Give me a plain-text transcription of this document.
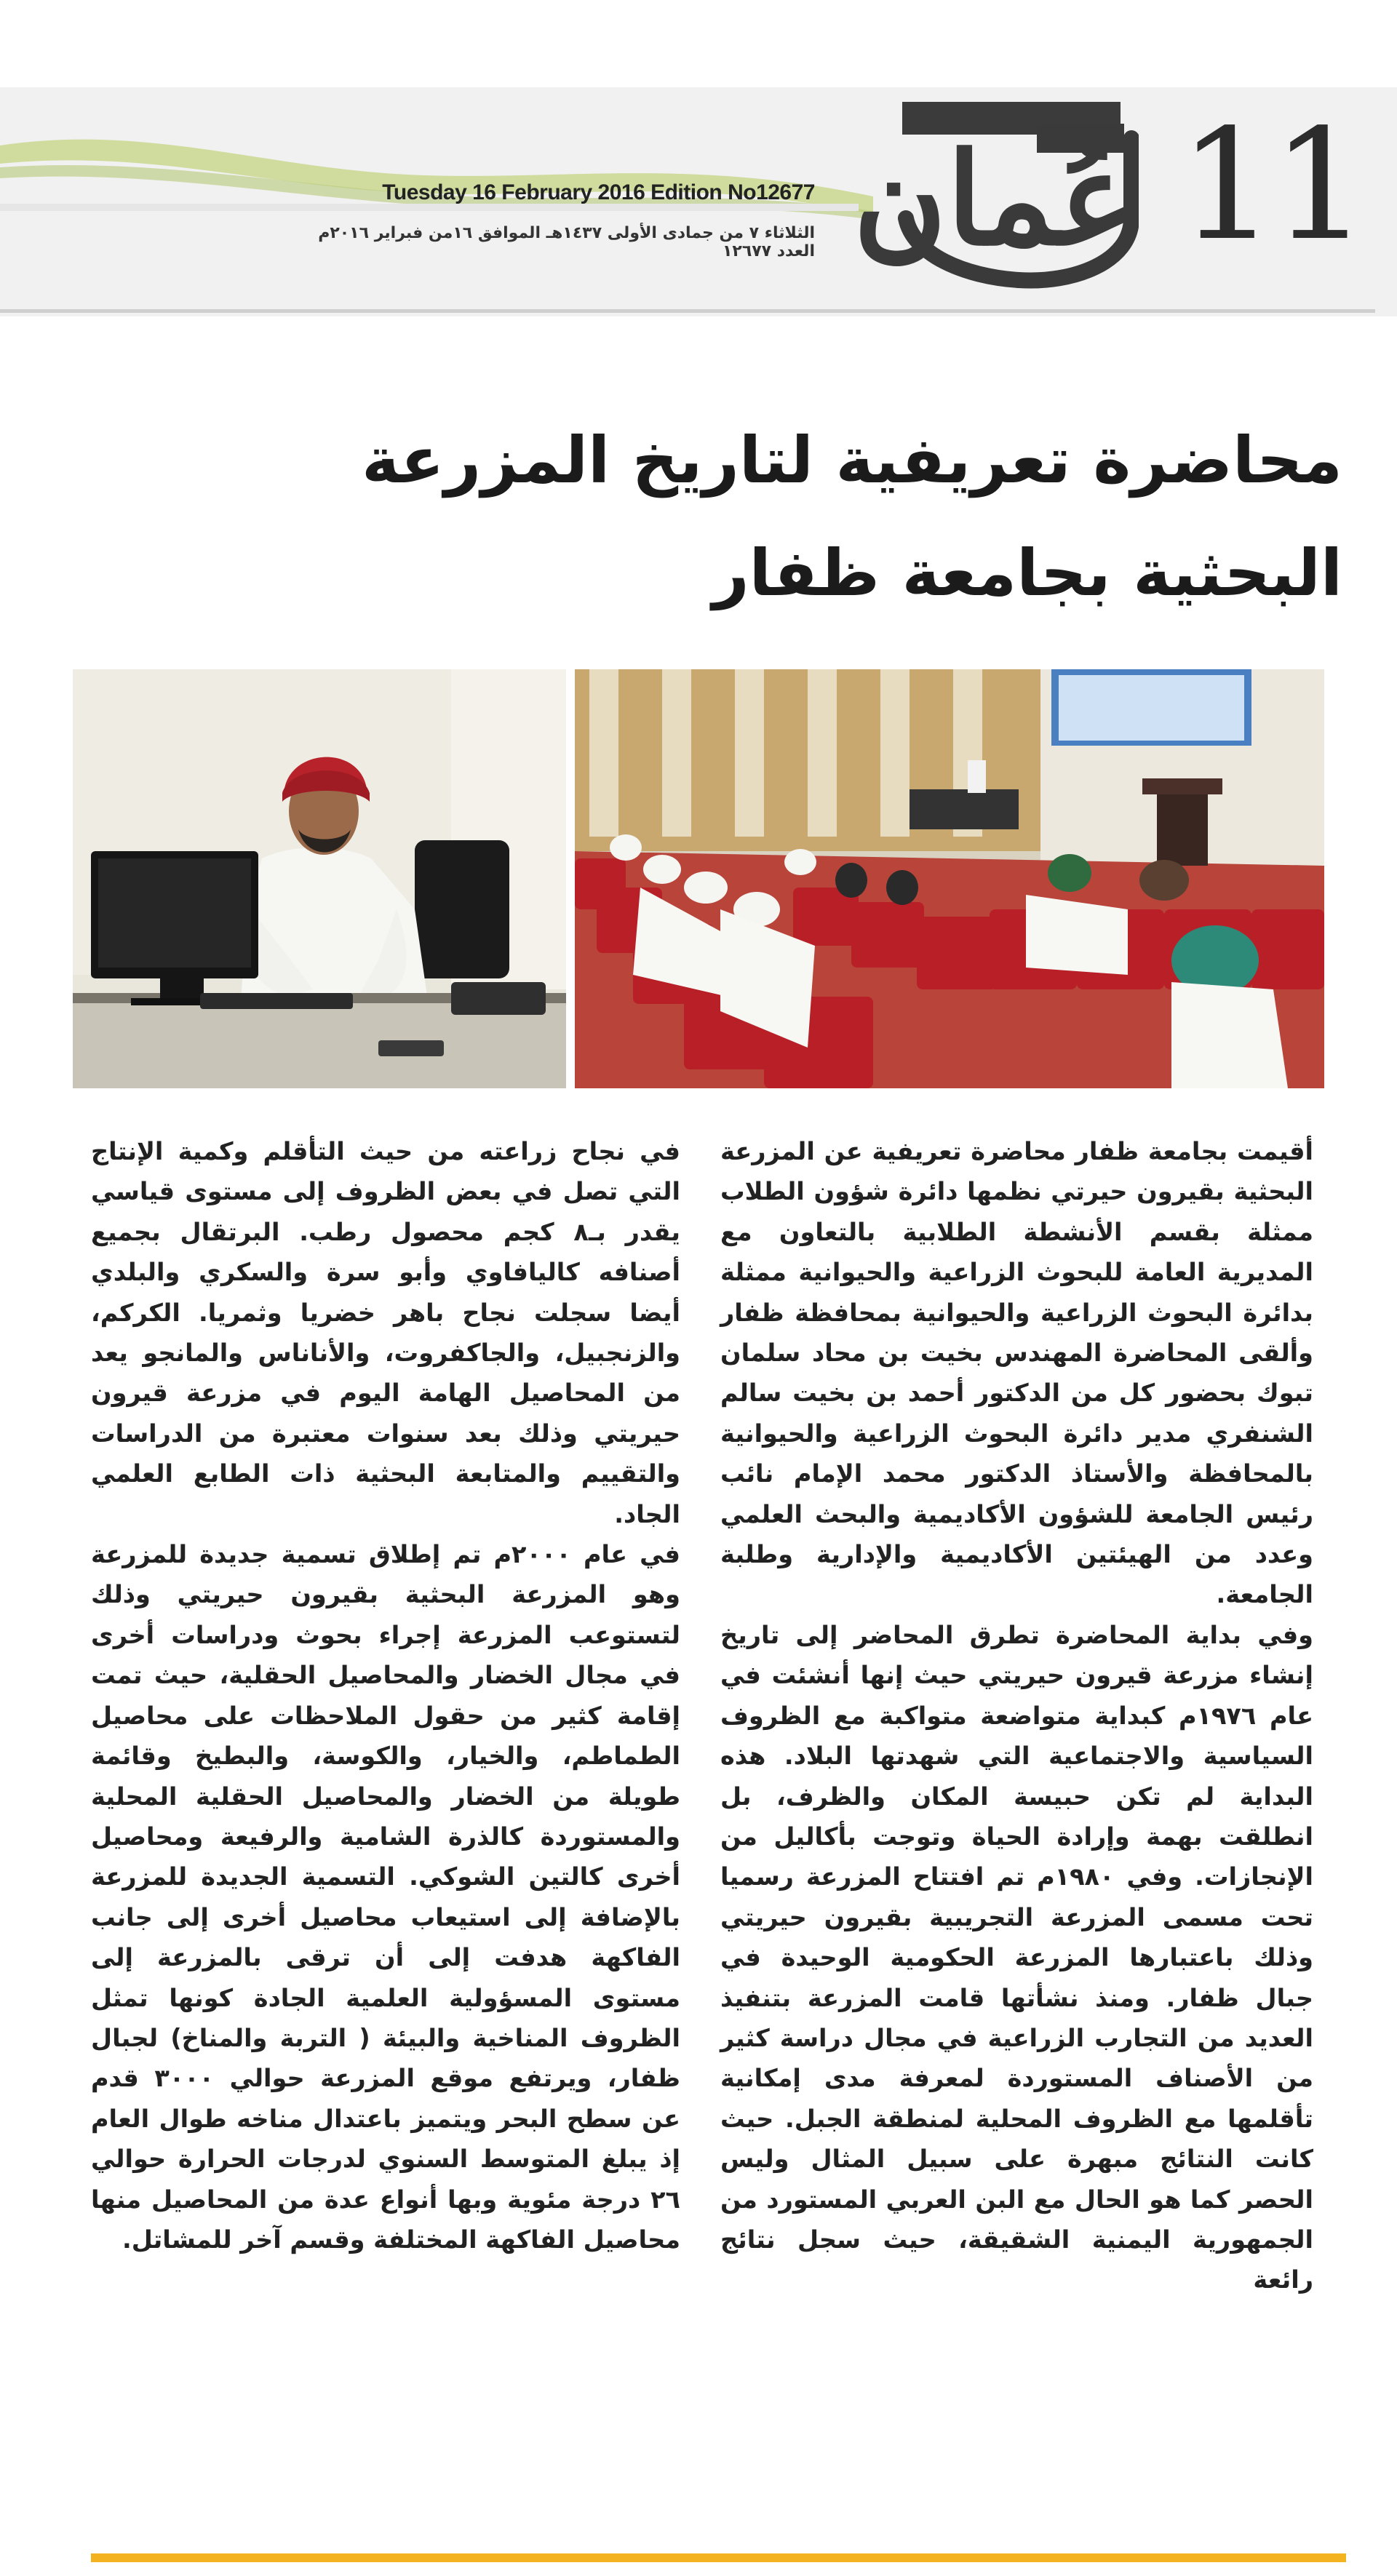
Tuesday 16 February 2016 Edition No12677
الثلاثاء ٧ من جمادى الأولى ١٤٣٧هـ الموافق ١٦من فبراير ٢٠١٦م العدد ١٢٦٧٧ عُمان 11
محاضرة تعريفية لتاريخ المزرعة
البحثية بجامعة ظفار

أقيمت بجامعة ظفار محاضرة تعريفية عن المزرعة البحثية بقيرون حيرتي نظمها دائرة شؤون الطلاب ممثلة بقسم الأنشطة الطلابية بالتعاون مع المديرية العامة للبحوث الزراعية والحيوانية ممثلة بدائرة البحوث الزراعية والحيوانية بمحافظة ظفار وألقى المحاضرة المهندس بخيت بن محاد سلمان تبوك بحضور كل من الدكتور أحمد بن بخيت سالم الشنفري مدير دائرة البحوث الزراعية والحيوانية بالمحافظة والأستاذ الدكتور محمد الإمام نائب رئيس الجامعة للشؤون الأكاديمية والبحث العلمي وعدد من الهيئتين الأكاديمية والإدارية وطلبة الجامعة.

وفي بداية المحاضرة تطرق المحاضر إلى تاريخ إنشاء مزرعة قيرون حيريتي حيث إنها أنشئت في عام ١٩٧٦م كبداية متواضعة متواكبة مع الظروف السياسية والاجتماعية التي شهدتها البلاد. هذه البداية لم تكن حبيسة المكان والظرف، بل انطلقت بهمة وإرادة الحياة وتوجت بأكاليل من الإنجازات. وفي ١٩٨٠م تم افتتاح المزرعة رسميا تحت مسمى المزرعة التجريبية بقيرون حيريتي وذلك باعتبارها المزرعة الحكومية الوحيدة في جبال ظفار. ومنذ نشأتها قامت المزرعة بتنفيذ العديد من التجارب الزراعية في مجال دراسة كثير من الأصناف المستوردة لمعرفة مدى إمكانية تأقلمها مع الظروف المحلية لمنطقة الجبل. حيث كانت النتائج مبهرة على سبيل المثال وليس الحصر كما هو الحال مع البن العربي المستورد من الجمهورية اليمنية الشقيقة، حيث سجل نتائج رائعة

في نجاح زراعته من حيث التأقلم وكمية الإنتاج التي تصل في بعض الظروف إلى مستوى قياسي يقدر بـ٨ كجم محصول رطب. البرتقال بجميع أصنافه كاليافاوي وأبو سرة والسكري والبلدي أيضا سجلت نجاح باهر خضريا وثمريا. الكركم، والزنجبيل، والجاكفروت، والأناناس والمانجو يعد من المحاصيل الهامة اليوم في مزرعة قيرون حيريتي وذلك بعد سنوات معتبرة من الدراسات والتقييم والمتابعة البحثية ذات الطابع العلمي الجاد.

في عام ٢٠٠٠م تم إطلاق تسمية جديدة للمزرعة وهو المزرعة البحثية بقيرون حيريتي وذلك لتستوعب المزرعة إجراء بحوث ودراسات أخرى في مجال الخضار والمحاصيل الحقلية، حيث تمت إقامة كثير من حقول الملاحظات على محاصيل الطماطم، والخيار، والكوسة، والبطيخ وقائمة طويلة من الخضار والمحاصيل الحقلية المحلية والمستوردة كالذرة الشامية والرفيعة ومحاصيل أخرى كالتين الشوكي. التسمية الجديدة للمزرعة بالإضافة إلى استيعاب محاصيل أخرى إلى جانب الفاكهة هدفت إلى أن ترقى بالمزرعة إلى مستوى المسؤولية العلمية الجادة كونها تمثل الظروف المناخية والبيئة ( التربة والمناخ) لجبال ظفار، ويرتفع موقع المزرعة حوالي ٣٠٠٠ قدم عن سطح البحر ويتميز باعتدال مناخه طوال العام إذ يبلغ المتوسط السنوي لدرجات الحرارة حوالي ٢٦ درجة مئوية وبها أنواع عدة من المحاصيل منها محاصيل الفاكهة المختلفة وقسم آخر للمشاتل.
